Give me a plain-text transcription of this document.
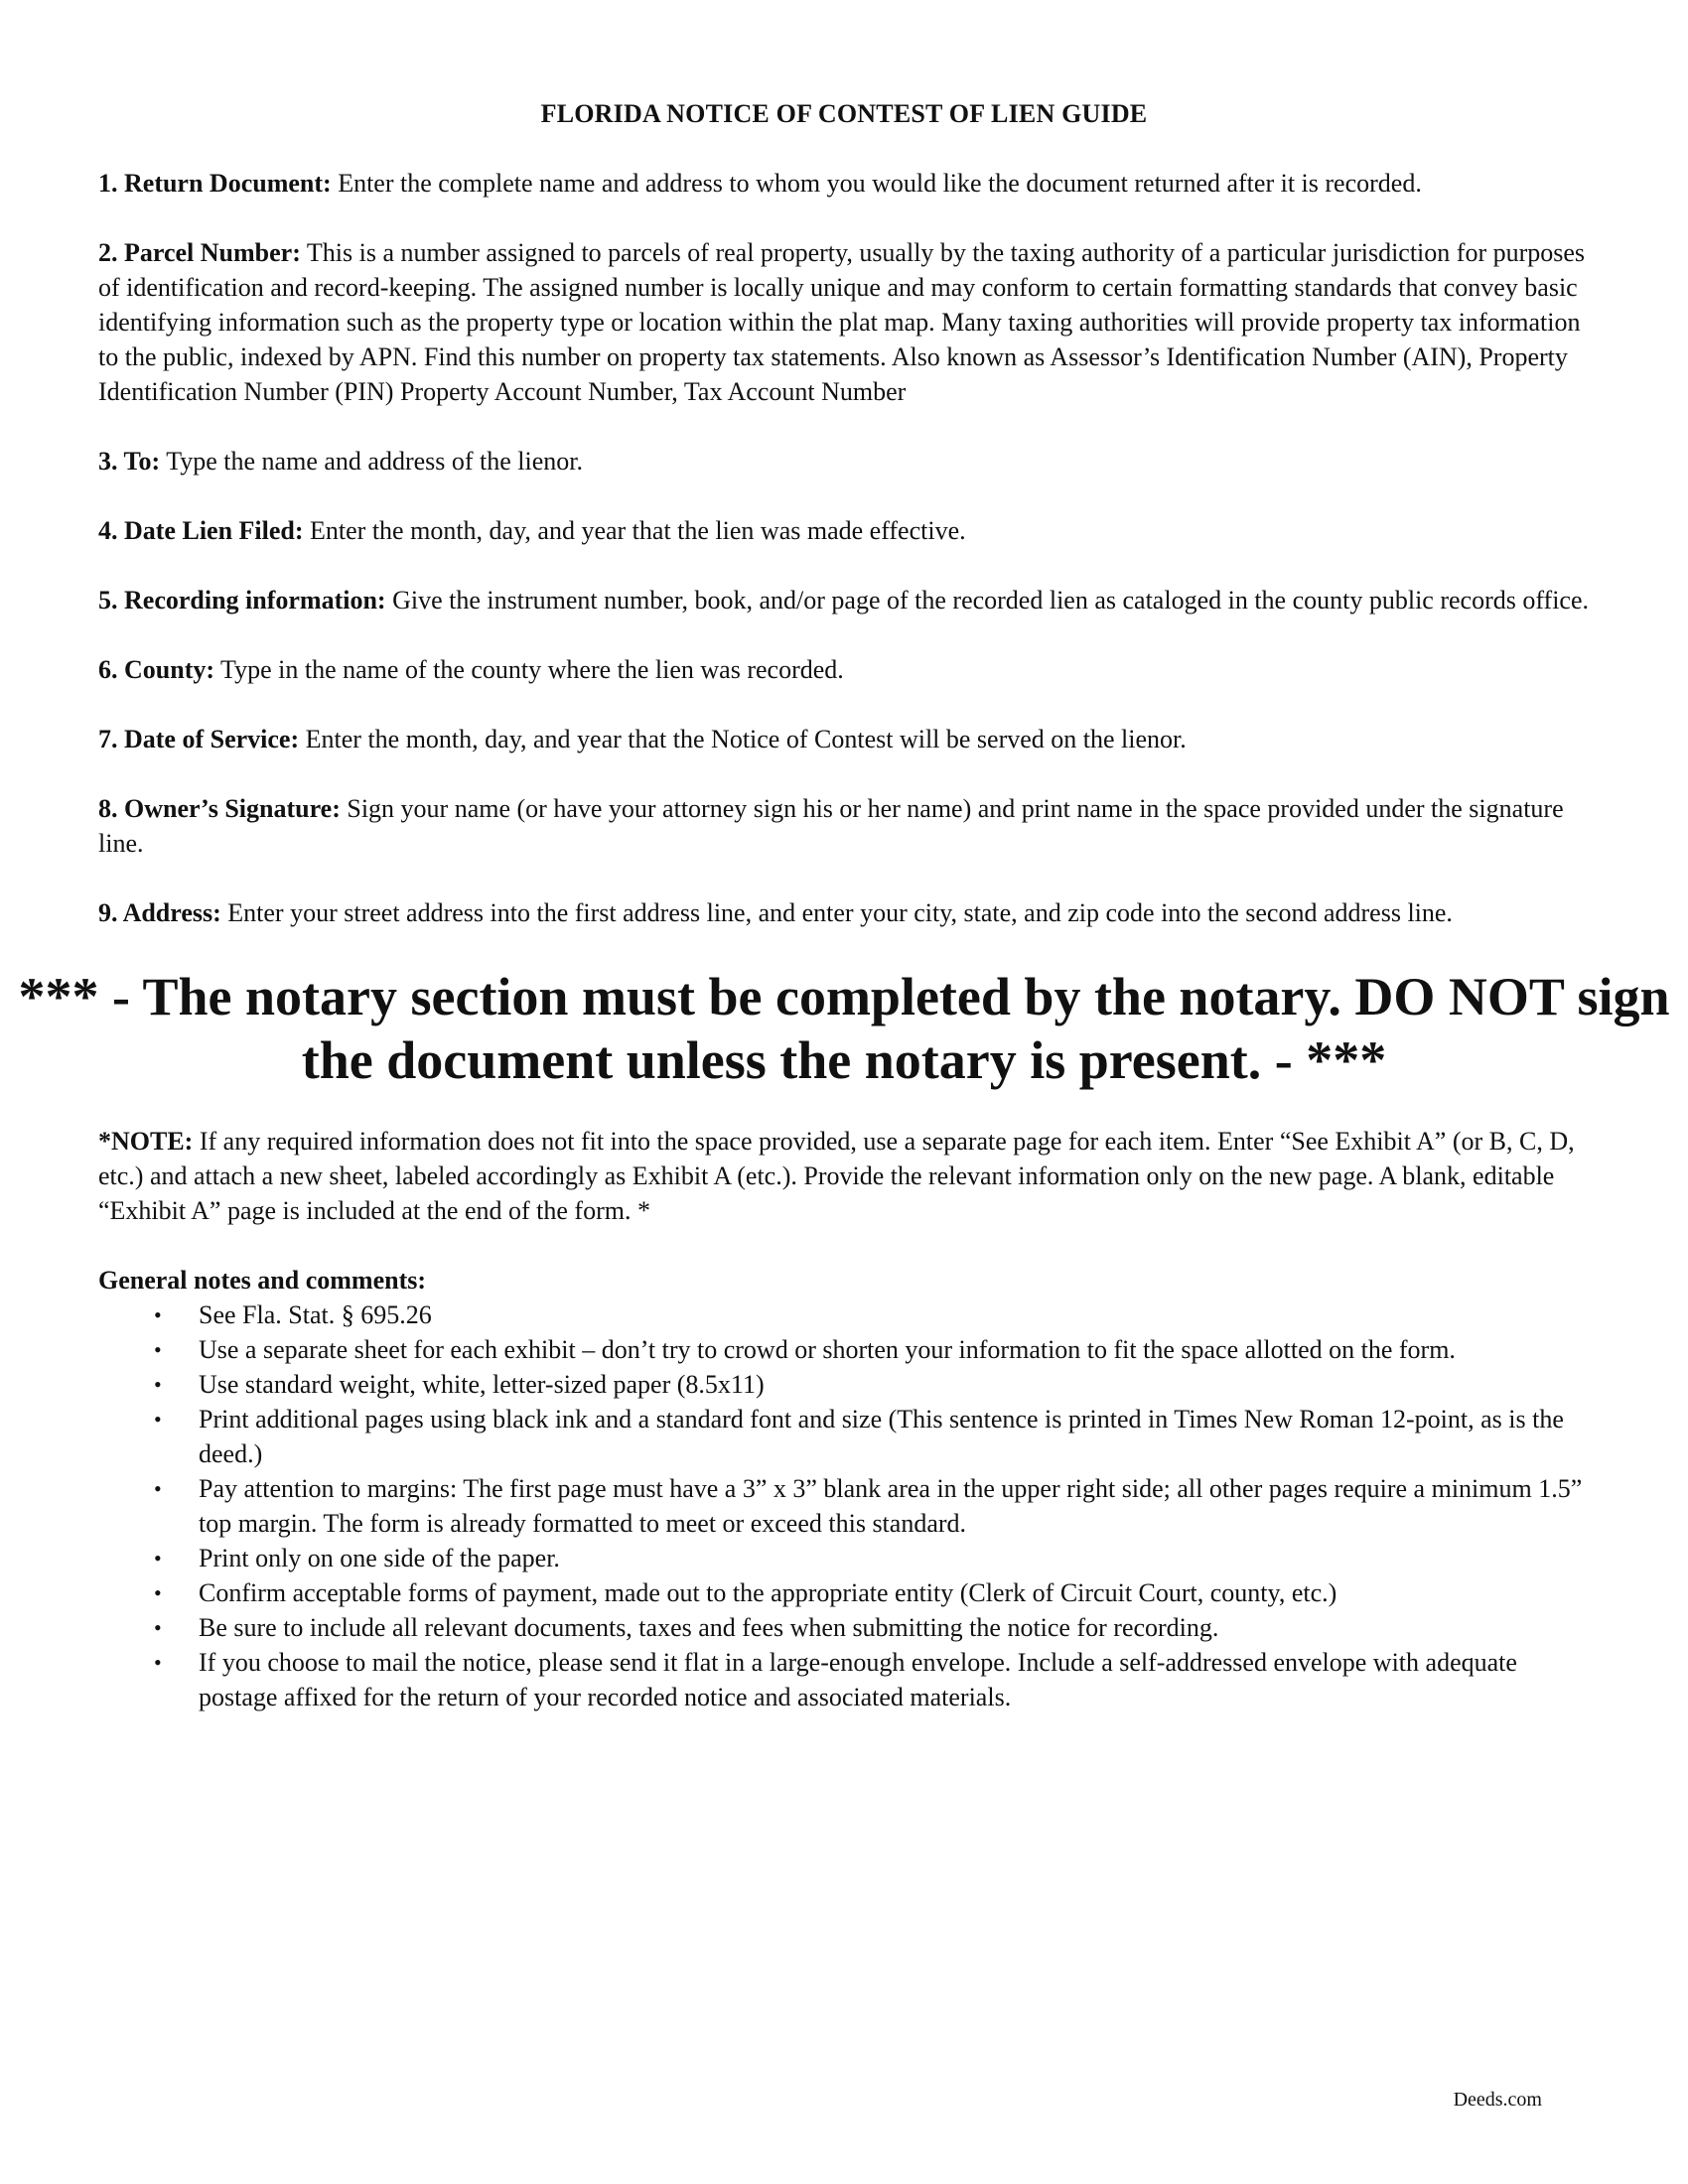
FLORIDA NOTICE OF CONTEST OF LIEN GUIDE
1. Return Document: Enter the complete name and address to whom you would like the document returned after it is recorded.
2. Parcel Number: This is a number assigned to parcels of real property, usually by the taxing authority of a particular jurisdiction for purposes of identification and record-keeping. The assigned number is locally unique and may conform to certain formatting standards that convey basic identifying information such as the property type or location within the plat map. Many taxing authorities will provide property tax information to the public, indexed by APN. Find this number on property tax statements. Also known as Assessor’s Identification Number (AIN), Property Identification Number (PIN) Property Account Number, Tax Account Number
3. To: Type the name and address of the lienor.
4. Date Lien Filed: Enter the month, day, and year that the lien was made effective.
5. Recording information: Give the instrument number, book, and/or page of the recorded lien as cataloged in the county public records office.
6. County: Type in the name of the county where the lien was recorded.
7. Date of Service: Enter the month, day, and year that the Notice of Contest will be served on the lienor.
8. Owner’s Signature: Sign your name (or have your attorney sign his or her name) and print name in the space provided under the signature line.
9. Address: Enter your street address into the first address line, and enter your city, state, and zip code into the second address line.
*** - The notary section must be completed by the notary. DO NOT sign the document unless the notary is present. - ***
*NOTE: If any required information does not fit into the space provided, use a separate page for each item. Enter “See Exhibit A” (or B, C, D, etc.) and attach a new sheet, labeled accordingly as Exhibit A (etc.). Provide the relevant information only on the new page. A blank, editable “Exhibit A” page is included at the end of the form. *
General notes and comments:
• See Fla. Stat. § 695.26
• Use a separate sheet for each exhibit – don’t try to crowd or shorten your information to fit the space allotted on the form.
• Use standard weight, white, letter-sized paper (8.5x11)
• Print additional pages using black ink and a standard font and size (This sentence is printed in Times New Roman 12-point, as is the deed.)
• Pay attention to margins: The first page must have a 3” x 3” blank area in the upper right side; all other pages require a minimum 1.5” top margin. The form is already formatted to meet or exceed this standard.
• Print only on one side of the paper.
• Confirm acceptable forms of payment, made out to the appropriate entity (Clerk of Circuit Court, county, etc.)
• Be sure to include all relevant documents, taxes and fees when submitting the notice for recording.
• If you choose to mail the notice, please send it flat in a large-enough envelope. Include a self-addressed envelope with adequate postage affixed for the return of your recorded notice and associated materials.
Deeds.com
